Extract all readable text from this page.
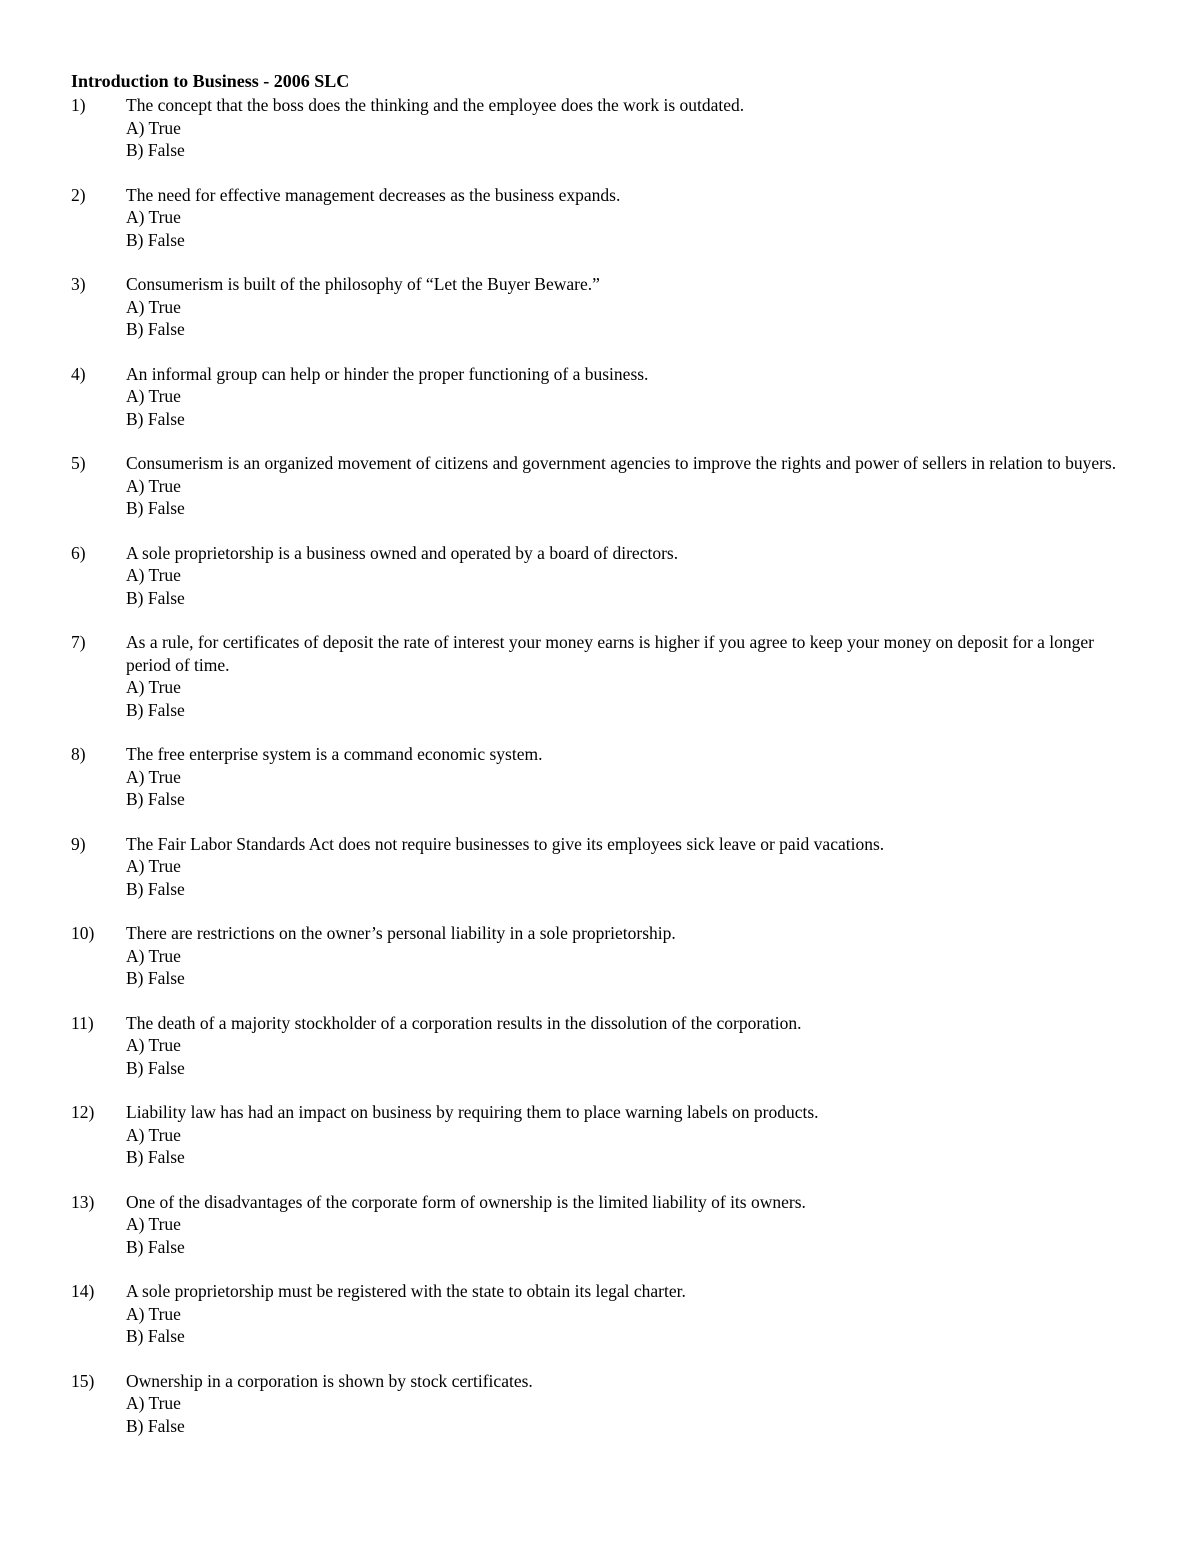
Introduction to Business - 2006 SLC
1)	The concept that the boss does the thinking and the employee does the work is outdated.
A) True
B) False
2)	The need for effective management decreases as the business expands.
A) True
B) False
3)	Consumerism is built of the philosophy of “Let the Buyer Beware.”
A) True
B) False
4)	An informal group can help or hinder the proper functioning of a business.
A) True
B) False
5)	Consumerism is an organized movement of citizens and government agencies to improve the rights and power of sellers in relation to buyers.
A) True
B) False
6)	A sole proprietorship is a business owned and operated by a board of directors.
A) True
B) False
7)	As a rule, for certificates of deposit the rate of interest your money earns is higher if you agree to keep your money on deposit for a longer period of time.
A) True
B) False
8)	The free enterprise system is a command economic system.
A) True
B) False
9)	The Fair Labor Standards Act does not require businesses to give its employees sick leave or paid vacations.
A) True
B) False
10)	There are restrictions on the owner’s personal liability in a sole proprietorship.
A) True
B) False
11)	The death of a majority stockholder of a corporation results in the dissolution of the corporation.
A) True
B) False
12)	Liability law has had an impact on business by requiring them to place warning labels on products.
A) True
B) False
13)	One of the disadvantages of the corporate form of ownership is the limited liability of its owners.
A) True
B) False
14)	A sole proprietorship must be registered with the state to obtain its legal charter.
A) True
B) False
15)	Ownership in a corporation is shown by stock certificates.
A) True
B) False
